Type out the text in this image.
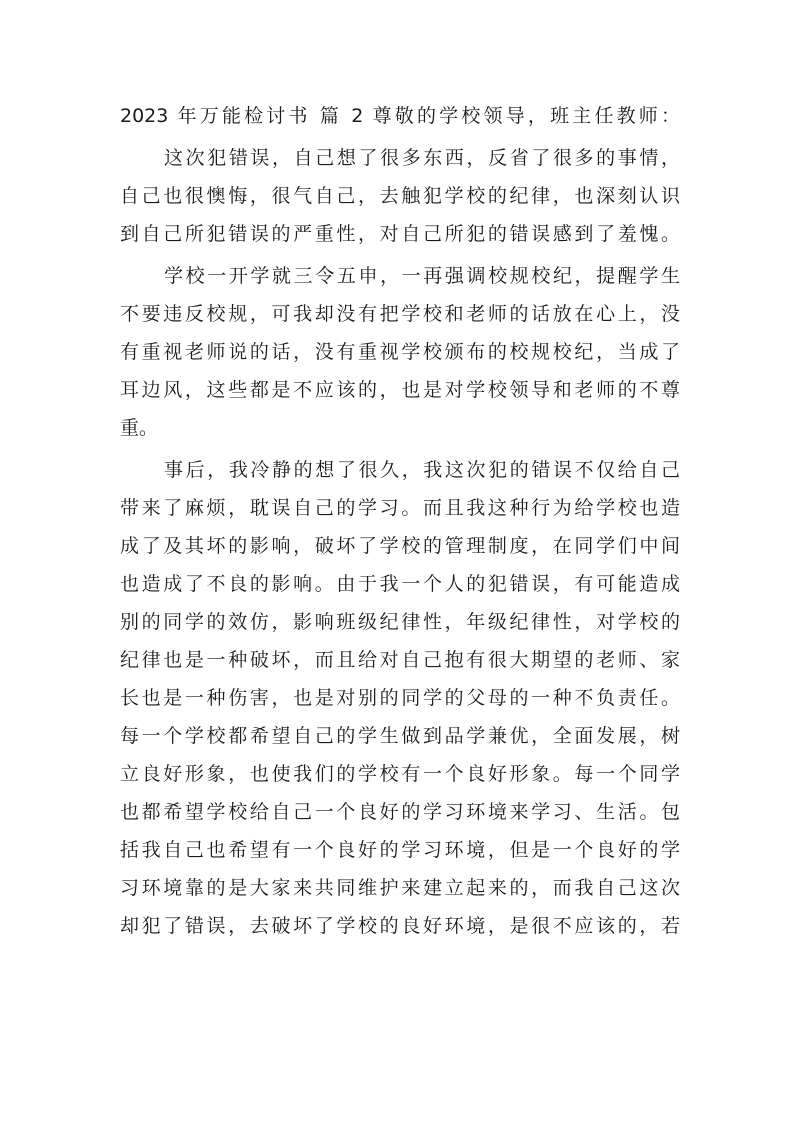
2023 年万能检讨书 篇 2 尊敬的学校领导，班主任教师：
这次犯错误，自己想了很多东西，反省了很多的事情，
自己也很懊悔，很气自己，去触犯学校的纪律，也深刻认识
到自己所犯错误的严重性，对自己所犯的错误感到了羞愧。
学校一开学就三令五申，一再强调校规校纪，提醒学生
不要违反校规，可我却没有把学校和老师的话放在心上，没
有重视老师说的话，没有重视学校颁布的校规校纪，当成了
耳边风，这些都是不应该的，也是对学校领导和老师的不尊
重。
事后，我冷静的想了很久，我这次犯的错误不仅给自己
带来了麻烦，耽误自己的学习。而且我这种行为给学校也造
成了及其坏的影响，破坏了学校的管理制度，在同学们中间
也造成了不良的影响。由于我一个人的犯错误，有可能造成
别的同学的效仿，影响班级纪律性，年级纪律性，对学校的
纪律也是一种破坏，而且给对自己抱有很大期望的老师、家
长也是一种伤害，也是对别的同学的父母的一种不负责任。
每一个学校都希望自己的学生做到品学兼优，全面发展，树
立良好形象，也使我们的学校有一个良好形象。每一个同学
也都希望学校给自己一个良好的学习环境来学习、生活。包
括我自己也希望有一个良好的学习环境，但是一个良好的学
习环境靠的是大家来共同维护来建立起来的，而我自己这次
却犯了错误，去破坏了学校的良好环境，是很不应该的，若
